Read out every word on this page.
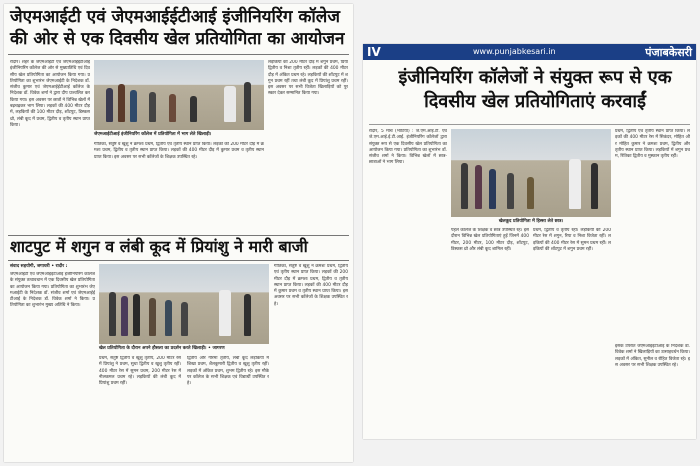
जेएमआईटी एवं जेएमआईईटीआई इंजीनियरिंग कॉलेज की ओर से एक दिवसीय खेल प्रतियोगिता का आयोजन
रादौर। शहर के जेएमआईटी एवं जेएमआईईटीआई इंजीनियरिंग कॉलेज की ओर से मुख्यातिथि एवं दिवसीय खेल प्रतियोगिता का आयोजन किया गया। प्रतियोगिता का शुभारंभ जेएमआईटी के निदेशक डॉ. संजीव कुमार एवं जेएमआईईटीआई कॉलेज के निदेशक डॉ. विवेक शर्मा ने द्वारा दीप प्रज्वलित कर किया गया। इस अवसर पर छात्रों ने विभिन्न खेलों में बढ़चढ़कर भाग लिया। लड़कों की 400 मीटर दौड़ में, लड़कियों की 100 मीटर दौड़, शॉटपुट, डिस्कस थ्रो, लंबी कूद में प्रथम, द्वितीय व तृतीय स्थान प्राप्त किया।
जेएमआईटीआई इंजीनियरिंग कॉलेज में प्रतियोगिता में भाग लेते खिलाड़ी।
लड़कियों की 200 मीटर दौड़ में शगुन प्रथम, प्रिया द्वितीय व निशा तृतीय रहीं। लड़कों की 400 मीटर दौड़ में अंकित प्रथम रहे। लड़कियों की शॉटपुट में शगुन प्रथम रहीं तथा लंबी कूद में प्रियांशु प्रथम रहीं। इस अवसर पर सभी विजेता खिलाड़ियों को पुरस्कार देकर सम्मानित किया गया।
गीतिका, सतुष्ट व खुशु ने क्रमशः प्रथम, द्वितीय एवं तृतीय स्थान प्राप्त किया। लड़कों की 200 मीटर दौड़ में क्रमशः प्रथम, द्वितीय व तृतीय स्थान प्राप्त किया। लड़कों की 400 मीटर दौड़ में कुमार प्रथम व तृतीय स्थान प्राप्त किया। इस अवसर पर सभी कॉलेजों के शिक्षक उपस्थित रहे।
शाटपुट में शगुन व लंबी कूद में प्रियांशु ने मारी बाजी
संवाद सहयोगी, जगाधरी • रादौर :
जेएमआईटी एवं जेएमआईईटीआई इंजीनियरिंग कॉलेज के संयुक्त तत्वावधान में एक दिवसीय खेल प्रतियोगिता का आयोजन किया गया। प्रतियोगिता का शुभारंभ जेएमआईटी के निदेशक डॉ. संजीव शर्मा एवं जेएमआईईटीआई के निदेशक डॉ. विवेक शर्मा ने किया। प्रतियोगिता का शुभारंभ मुख्य अतिथि ने किया।
खेल प्रतियोगिता के दौरान अपने हौसला का प्रदर्शन करते खिलाड़ी। • जागरण
प्रथम, सतुष्ट द्वितीय व खुशु तृतीय, 200 मीटर रेस में प्रियांशु ने प्रथम, सुधा द्वितीय व खुशु तृतीय रहीं। 400 मीटर रेस में सुमन प्रथम, 200 मीटर रेस में नीलकमल प्रथम रहे। लड़कियों की लंबी कूद में प्रियांशु प्रथम रहीं।
द्वितीय और गरिमा तृतीय, लंबी कूद लड़कियों में शिखा प्रथम, शैलकुमारी द्वितीय व खुशु तृतीय रहीं। लड़कों में अंकित प्रथम, शुभम द्वितीय रहे। इस मौके पर कॉलेज के सभी शिक्षक एवं विद्यार्थी उपस्थित रहे।
गीतिका, सतुष्ट व खुशु ने क्रमशः प्रथम, द्वितीय एवं तृतीय स्थान प्राप्त किया। लड़कों की 200 मीटर दौड़ में क्रमशः प्रथम, द्वितीय व तृतीय स्थान प्राप्त किया। लड़कों की 400 मीटर दौड़ में कुमार प्रथम व तृतीय स्थान प्राप्त किया। इस अवसर पर सभी कॉलेजों के शिक्षक उपस्थित रहे।
IV	www.punjabkesari.in	पंजाबकेसरी
इंजीनियरिंग कॉलेजों ने संयुक्त रूप से एक दिवसीय खेल प्रतियोगिताएं करवाईं
रादौर, 5 मार्च (भाटिया) : जे.एम.आई.टी. एवं जे.एम.आई.ई.टी.आई. इंजीनियरिंग कॉलेजों द्वारा संयुक्त रूप से एक दिवसीय खेल प्रतियोगिता का आयोजन किया गया। प्रतियोगिता का शुभारंभ डॉ. संजीव शर्मा ने किया। विभिन्न खेलों में छात्र-छात्राओं ने भाग लिया।
खेलकूद प्रतियोगिता में हिस्सा लेते छात्र।
प्रथम, द्वितीय एवं तृतीय स्थान प्राप्त किया। लड़कों की 400 मीटर रेस में सिकंदर, मोहित और मोहित कुमार ने क्रमशः प्रथम, द्वितीय और तृतीय स्थान प्राप्त किया। लड़कियों में शगुन प्रथम, रितिका द्वितीय व मुस्कान तृतीय रहीं।
पहले कॉलेज के शिक्षक व छात्र उपस्थित रहे। इस दौरान विभिन्न खेल प्रतियोगिताएं हुईं जिनमें 400 मीटर, 200 मीटर, 100 मीटर दौड़, शॉटपुट, डिस्कस थ्रो और लंबी कूद शामिल रहीं।
प्रथम, द्वितीय व तृतीय रहीं। लड़कियों की 200 मीटर रेस में शगुन, रिया व निशा विजेता रहीं। लड़कियों की 400 मीटर रेस में सुमन प्रथम रहीं। लड़कियों की शॉटपुट में शगुन प्रथम रहीं।
इसके उपरांत जेएमआईईटीआई के निदेशक डॉ. विवेक शर्मा ने खिलाड़ियों का उत्साहवर्धन किया। लड़कों में अंकित, सुनील व रोहित विजेता रहे। इस अवसर पर सभी शिक्षक उपस्थित रहे।
